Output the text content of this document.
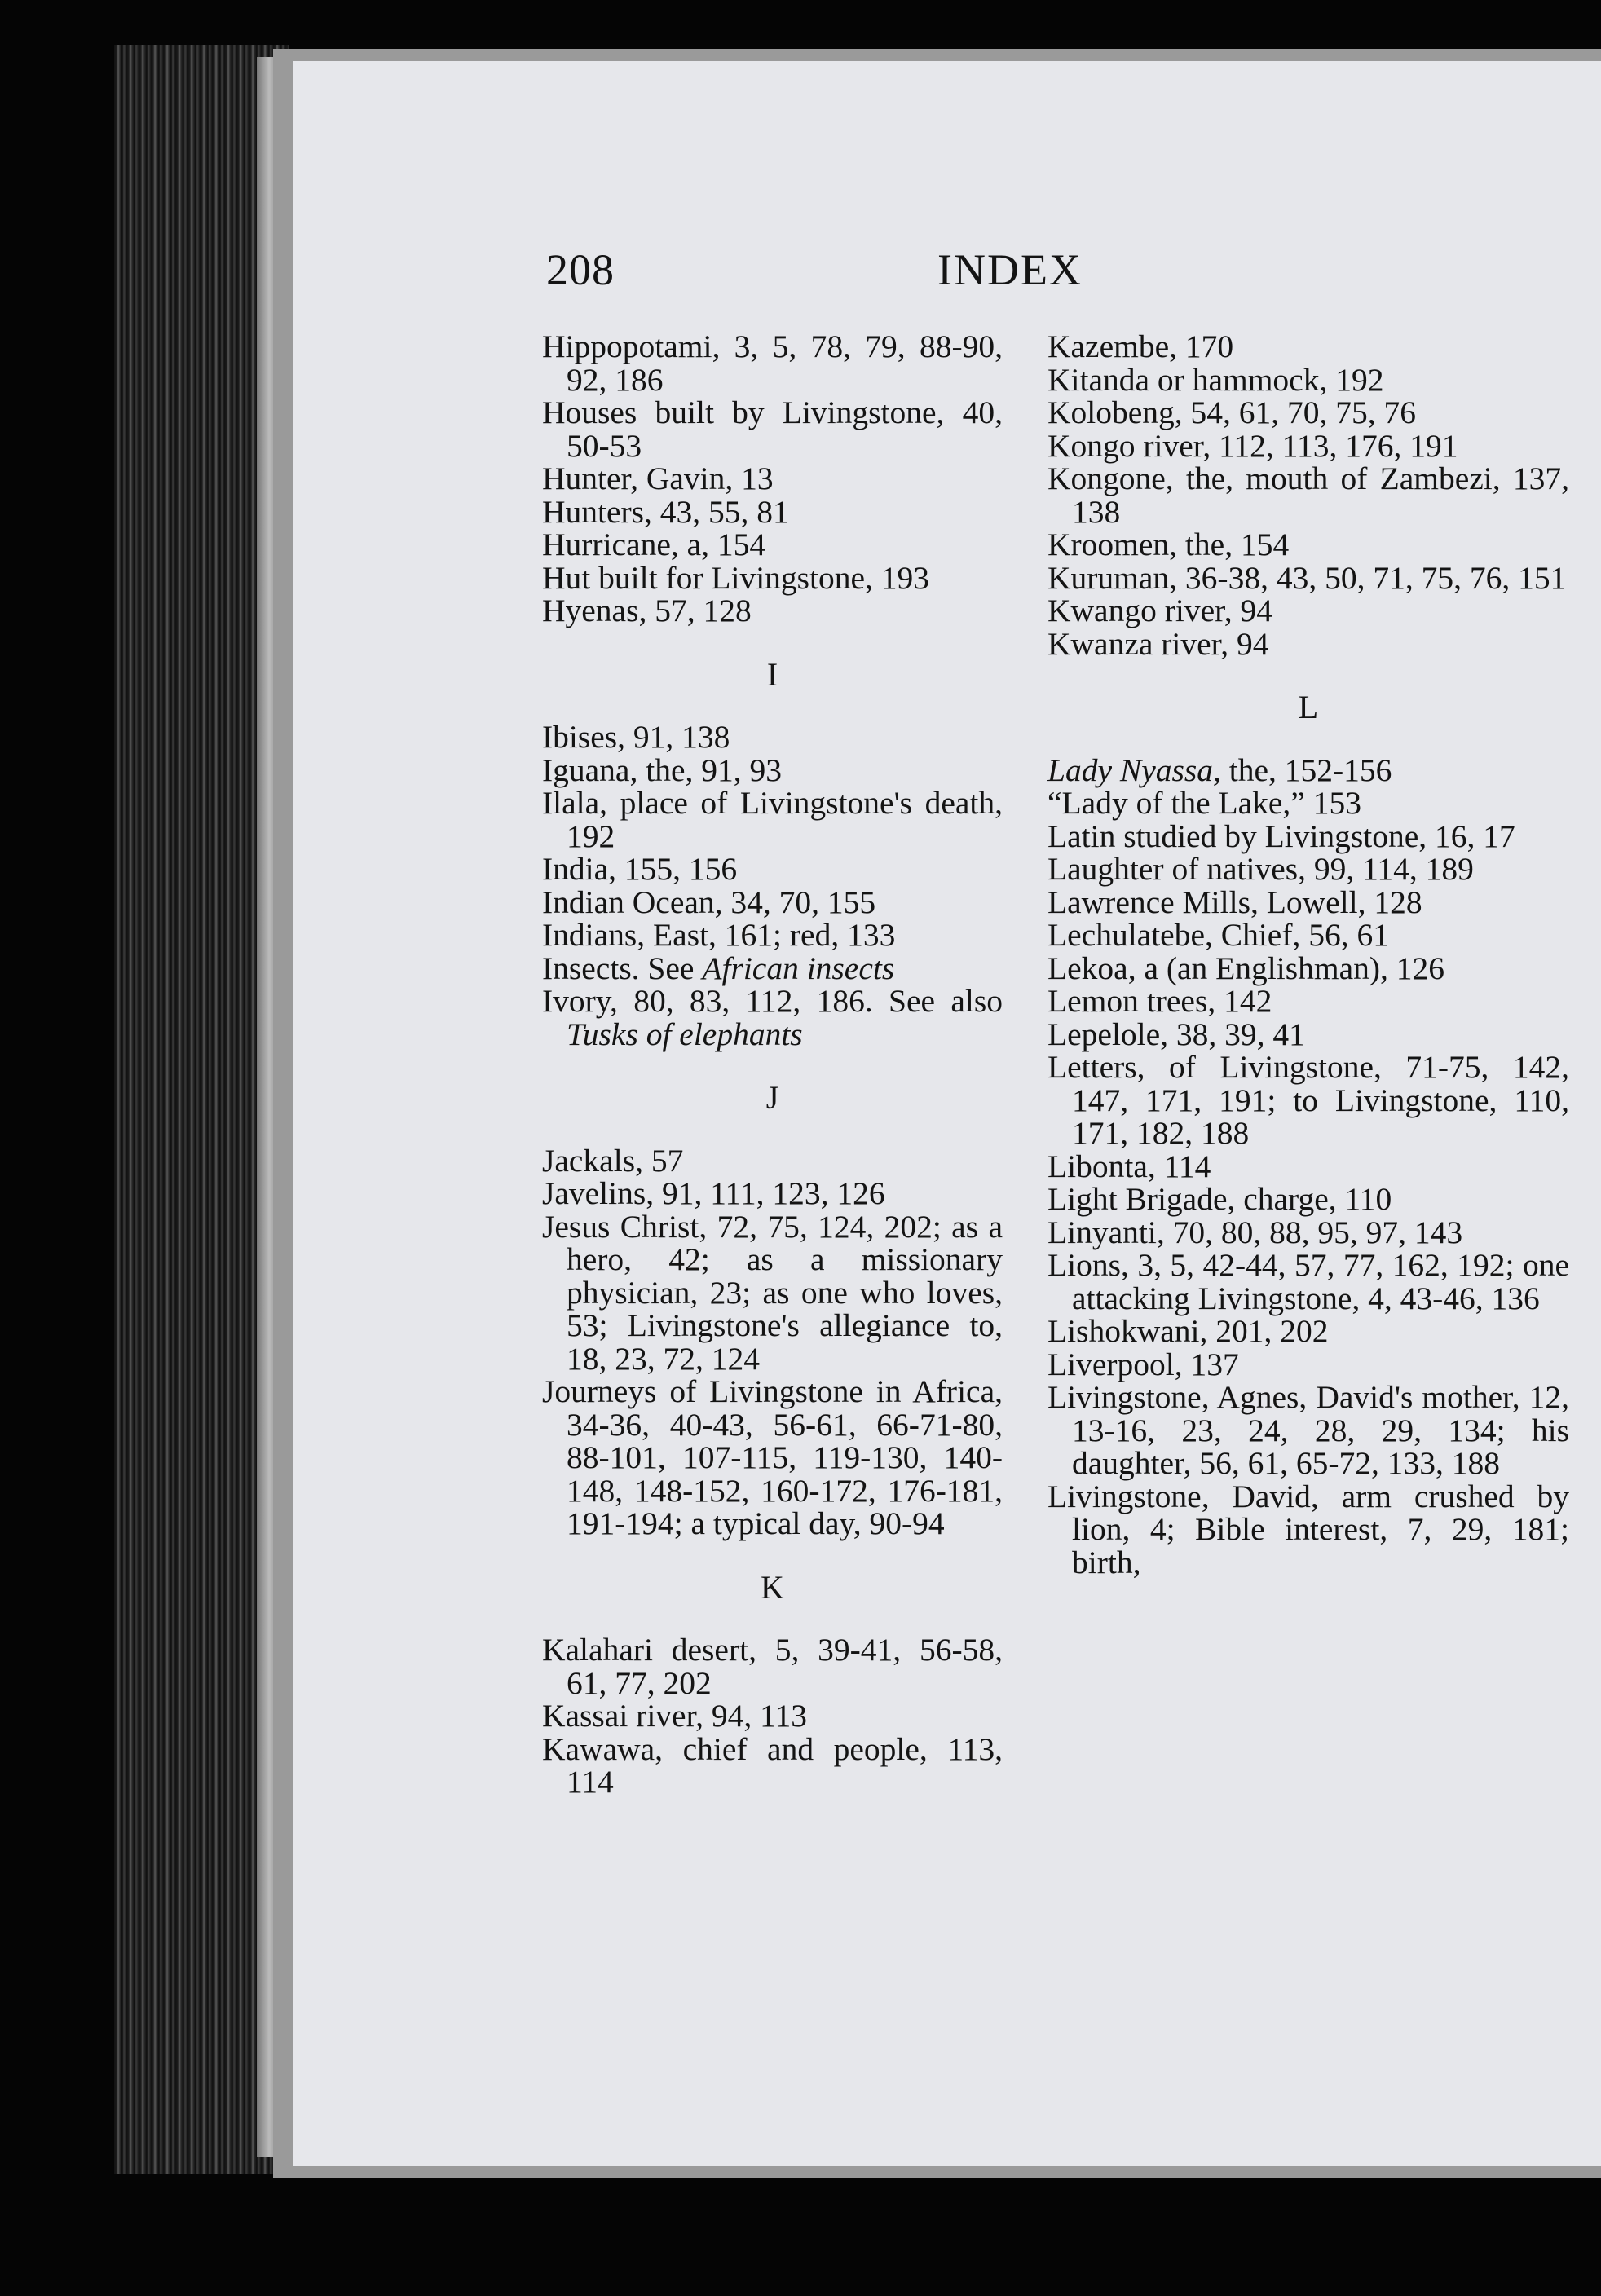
208	INDEX

Hippopotami, 3, 5, 78, 79, 88-90, 92, 186

Houses built by Livingstone, 40, 50-53

Hunter, Gavin, 13

Hunters, 43, 55, 81

Hurricane, a, 154

Hut built for Livingstone, 193

Hyenas, 57, 128

I

Ibises, 91, 138

Iguana, the, 91, 93

Ilala, place of Livingstone's death, 192

India, 155, 156

Indian Ocean, 34, 70, 155

Indians, East, 161; red, 133

Insects. See African insects

Ivory, 80, 83, 112, 186. See also Tusks of elephants

J

Jackals, 57

Javelins, 91, 111, 123, 126

Jesus Christ, 72, 75, 124, 202; as a hero, 42; as a missionary physician, 23; as one who loves, 53; Livingstone's allegiance to, 18, 23, 72, 124

Journeys of Livingstone in Africa, 34-36, 40-43, 56-61, 66-71-80, 88-101, 107-115, 119-130, 140-148, 148-152, 160-172, 176-181, 191-194; a typical day, 90-94

K

Kalahari desert, 5, 39-41, 56-58, 61, 77, 202

Kassai river, 94, 113

Kawawa, chief and people, 113, 114

Kazembe, 170

Kitanda or hammock, 192

Kolobeng, 54, 61, 70, 75, 76

Kongo river, 112, 113, 176, 191

Kongone, the, mouth of Zambezi, 137, 138

Kroomen, the, 154

Kuruman, 36-38, 43, 50, 71, 75, 76, 151

Kwango river, 94

Kwanza river, 94

L

Lady Nyassa, the, 152-156

“Lady of the Lake,” 153

Latin studied by Livingstone, 16, 17

Laughter of natives, 99, 114, 189

Lawrence Mills, Lowell, 128

Lechulatebe, Chief, 56, 61

Lekoa, a (an Englishman), 126

Lemon trees, 142

Lepelole, 38, 39, 41

Letters, of Livingstone, 71-75, 142, 147, 171, 191; to Livingstone, 110, 171, 182, 188

Libonta, 114

Light Brigade, charge, 110

Linyanti, 70, 80, 88, 95, 97, 143

Lions, 3, 5, 42-44, 57, 77, 162, 192; one attacking Livingstone, 4, 43-46, 136

Lishokwani, 201, 202

Liverpool, 137

Livingstone, Agnes, David's mother, 12, 13-16, 23, 24, 28, 29, 134; his daughter, 56, 61, 65-72, 133, 188

Livingstone, David, arm crushed by lion, 4; Bible interest, 7, 29, 181; birth,
